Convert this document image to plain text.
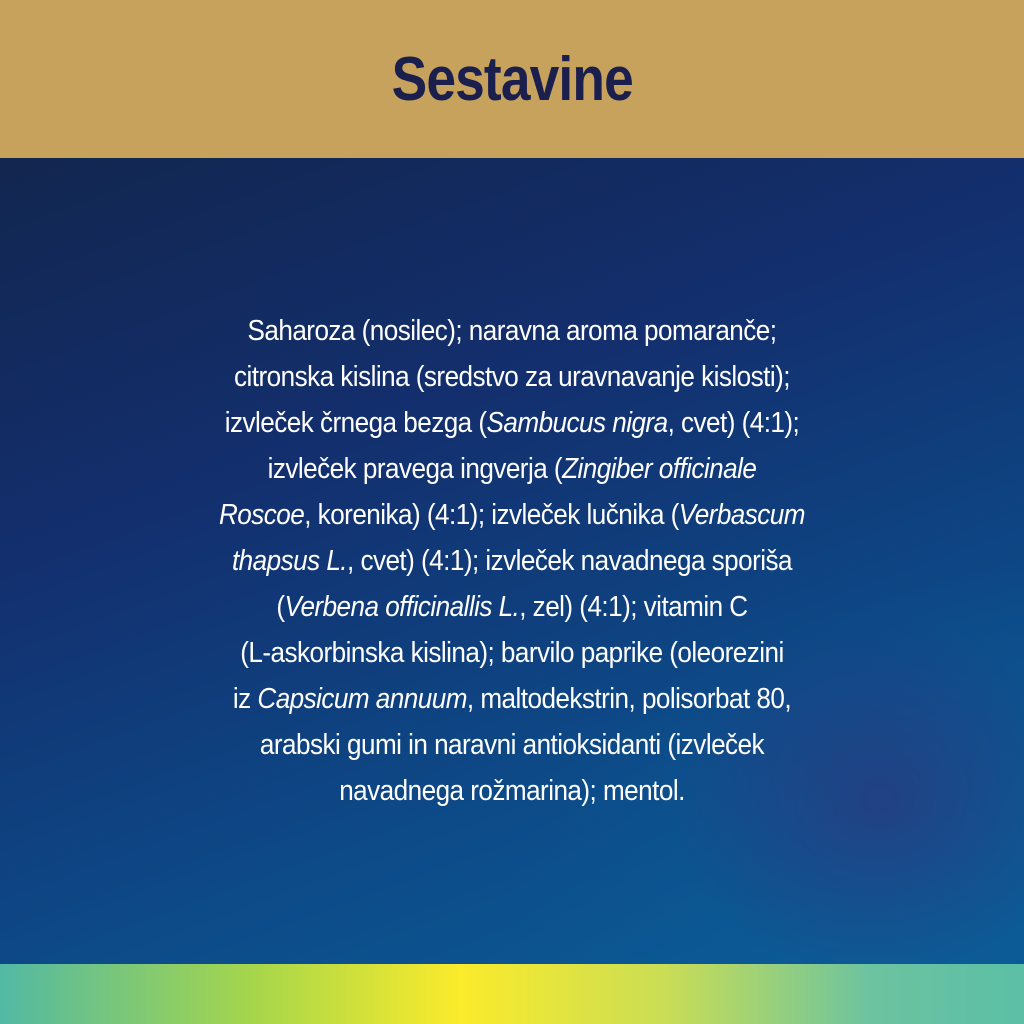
Sestavine

Saharoza (nosilec); naravna aroma pomaranče;
citronska kislina (sredstvo za uravnavanje kislosti);
izvleček črnega bezga (Sambucus nigra, cvet) (4:1);
izvleček pravega ingverja (Zingiber officinale
Roscoe, korenika) (4:1); izvleček lučnika (Verbascum
thapsus L., cvet) (4:1); izvleček navadnega sporiša
(Verbena officinallis L., zel) (4:1); vitamin C
(L-askorbinska kislina); barvilo paprike (oleorezini
iz Capsicum annuum, maltodekstrin, polisorbat 80,
arabski gumi in naravni antioksidanti (izvleček
navadnega rožmarina); mentol.
